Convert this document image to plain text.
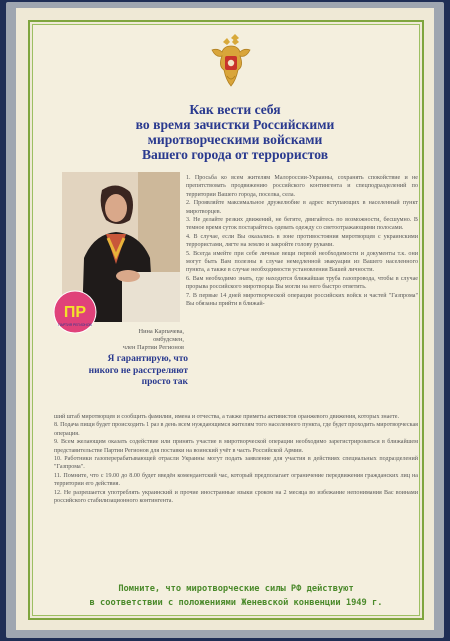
Как вести себя
во время зачистки Российскими
миротворческими войсками
Вашего города от террористов
ПР
ПАРТИЯ РЕГИОНОВ
Нина Карпачева,
омбудсмен,
член Партии Регионов
Я гарантирую, что
никого не расстреляют
просто так

1. Просьба ко всем жителям Малороссии-Украины, сохранять спокойствие и не препятствовать продвижению российского контингента и спецподразделений по территории Вашего города, поселка, села.

2. Проявляйте максимальное дружелюбие в адрес вступающих в населенный пункт миротворцев.

3. Не делайте резких движений, не бегите, двигайтесь по возможности, бесшумно. В темное время суток постарайтесь одевать одежду со светоотражающими полосами.

4. В случае, если Вы оказались в зоне противостояния миротворцев с украинскими террористами, лягте на землю и закройте голову руками.

5. Всегда имейте при себе личные вещи первой необходимости и документы т.к. они могут быть Вам полезны в случае немедленной эвакуации из Вашего населенного пункта, а также в случае необходимости установления Вашей личности.

6. Вам необходимо знать, где находится ближайшая труба газопровода, чтобы в случае прорыва российского миротворца Вы могли на него быстро ответить.

7. В первые 14 дней миротворческой операции российских войск и частей "Газпрома" Вы обязаны прийти в ближай-

ший штаб миротворцев и сообщить фамилии, имена и отчества, а также приметы активистов оранжевого движения, которых знаете.

8. Подача пищи будет происходить 1 раз в день всем нуждающимся жителям того населенного пункта, где будет проходить миротворческая операция.

9. Всем желающим оказать содействие или принять участие в миротворческой операции необходимо зарегистрироваться в ближайшем представительстве Партии Регионов для поставки на воинский учёт в часть Российской Армии.

10. Работники газоперерабатывающей отрасли Украины могут подать заявление для участия в действиях специальных подразделений "Газпрома".

11. Помните, что с 19.00 до 8.00 будет введён комендантский час, который предполагает ограничение передвижения гражданских лиц на территории его действия.

12. Не разрешается употреблять украинский и прочие иностранные языки сроком на 2 месяца во избежание непонимания Вас воинами российского стабилизационного контингента.

Помните, что миротворческие силы РФ действуют
в соответствии с положениями Женевской конвенции 1949 г.
